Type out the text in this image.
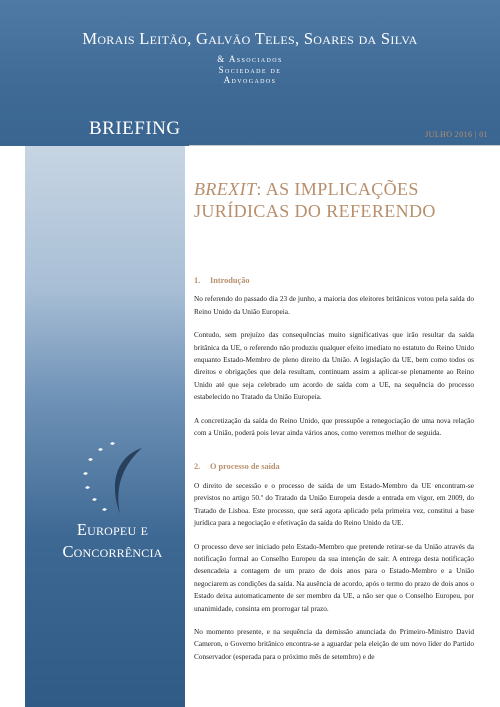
Morais Leitão, Galvão Teles, Soares da Silva
& Associados
Sociedade de
Advogados
BRIEFING	JULHO 2016 | 01
BREXIT: AS IMPLICAÇÕES JURÍDICAS DO REFERENDO
Europeu e
Concorrência
1. Introdução

No referendo do passado dia 23 de junho, a maioria dos eleitores britânicos votou pela saída do Reino Unido da União Europeia.

Contudo, sem prejuízo das consequências muito significativas que irão resultar da saída britânica da UE, o referendo não produziu qualquer efeito imediato no estatuto do Reino Unido enquanto Estado-Membro de pleno direito da União. A legislação da UE, bem como todos os direitos e obrigações que dela resultam, continuam assim a aplicar-se plenamente ao Reino Unido até que seja celebrado um acordo de saída com a UE, na sequência do processo estabelecido no Tratado da União Europeia.

A concretização da saída do Reino Unido, que pressupõe a renegociação de uma nova relação com a União, poderá pois levar ainda vários anos, como veremos melhor de seguida.

2. O processo de saída

O direito de secessão e o processo de saída de um Estado-Membro da UE encontram-se previstos no artigo 50.º do Tratado da União Europeia desde a entrada em vigor, em 2009, do Tratado de Lisboa. Este processo, que será agora aplicado pela primeira vez, constitui a base jurídica para a negociação e efetivação da saída do Reino Unido da UE.

O processo deve ser iniciado pelo Estado-Membro que pretende retirar-se da União através da notificação formal ao Conselho Europeu da sua intenção de sair. A entrega desta notificação desencadeia a contagem de um prazo de dois anos para o Estado-Membro e a União negociarem as condições da saída. Na ausência de acordo, após o termo do prazo de dois anos o Estado deixa automaticamente de ser membro da UE, a não ser que o Conselho Europeu, por unanimidade, consinta em prorrogar tal prazo.

No momento presente, e na sequência da demissão anunciada do Primeiro-Ministro David Cameron, o Governo britânico encontra-se a aguardar pela eleição de um novo líder do Partido Conservador (esperada para o próximo mês de setembro) e de
